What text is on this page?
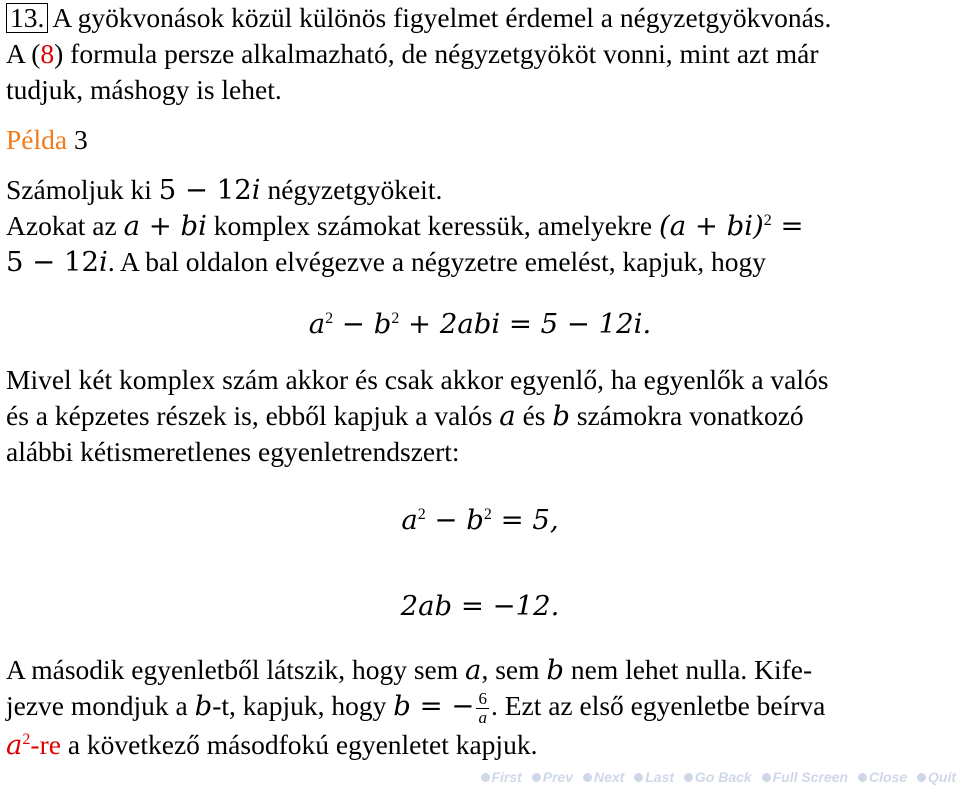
13. A gyökvonások közül különös figyelmet érdemel a négyzetgyökvonás.
A (8) formula persze alkalmazható, de négyzetgyököt vonni, mint azt már
tudjuk, máshogy is lehet.

Példa 3

Számoljuk ki 5 − 12i négyzetgyökeit.
Azokat az a + bi komplex számokat keressük, amelyekre (a + bi)$^2$ =
5 − 12i. A bal oldalon elvégezve a négyzetre emelést, kapjuk, hogy

$a^2 - b^2 + 2abi = 5 - 12i$.

Mivel két komplex szám akkor és csak akkor egyenlő, ha egyenlők a valós
és a képzetes részek is, ebből kapjuk a valós a és b számokra vonatkozó
alábbi kétismeretlenes egyenletrendszert:

$a^2 - b^2 = 5$,

2ab = −12.

A második egyenletből látszik, hogy sem a, sem b nem lehet nulla. Kife-
jezve mondjuk a b-t, kapjuk, hogy b = − $\frac{6}{a}$ . Ezt az első egyenletbe beírva
$a^2-re$ a következő másodfokú egyenletet kapjuk.

First Prev Next Last Go Back Full Screen Close Quit
